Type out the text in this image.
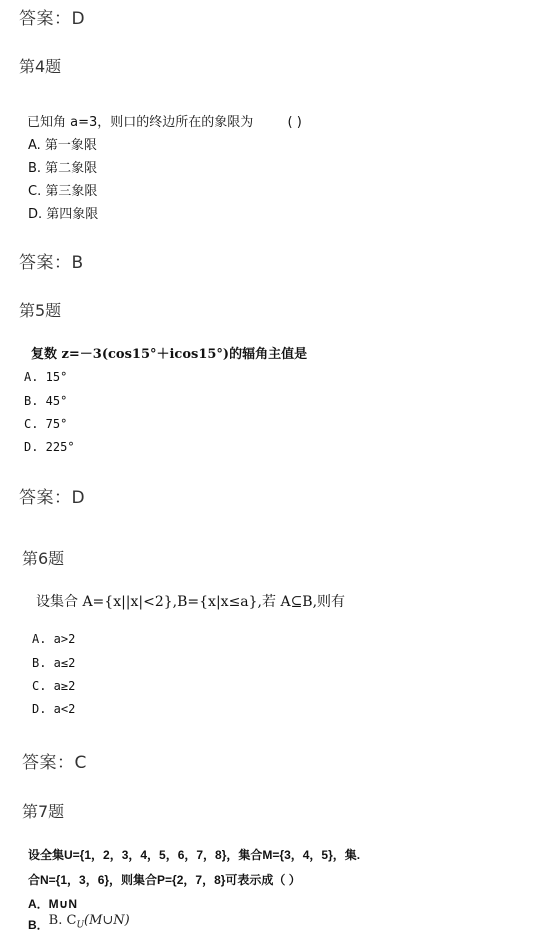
答案：D
第4题
已知角 a=3，则口的终边所在的象限为	( )
A. 第一象限
B. 第二象限
C. 第三象限
D. 第四象限
答案：B
第5题
复数 z=－3(cos15°＋icos15°)的辐角主值是
A. 15°
B. 45°
C. 75°
D. 225°
答案：D
第6题
设集合 A={x||x|<2},B={x|x≤a},若 A⊆B,则有
A. a>2
B. a≤2
C. a≥2
D. a<2
答案：C
第7题
设全集U={1，2，3，4，5，6，7，8}，集合M={3，4，5}，集.
合N={1，3，6}，则集合P={2，7，8}可表示成（ ）
A．M∪N
B．B. $C_U(M\cup N)$
